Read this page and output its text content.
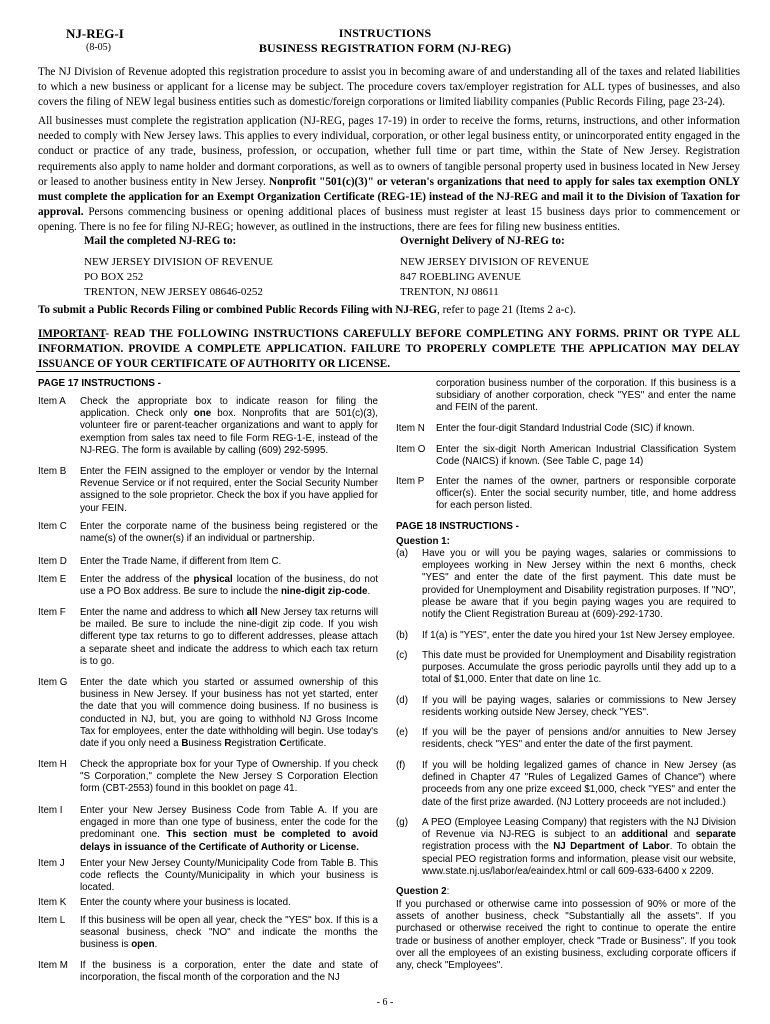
NJ-REG-I
(8-05)
INSTRUCTIONS
BUSINESS REGISTRATION FORM (NJ-REG)
The NJ Division of Revenue adopted this registration procedure to assist you in becoming aware of and understanding all of the taxes and related liabilities to which a new business or applicant for a license may be subject. The procedure covers tax/employer registration for ALL types of businesses, and also covers the filing of NEW legal business entities such as domestic/foreign corporations or limited liability companies (Public Records Filing, page 23-24).
All businesses must complete the registration application (NJ-REG, pages 17-19) in order to receive the forms, returns, instructions, and other information needed to comply with New Jersey laws. This applies to every individual, corporation, or other legal business entity, or unincorporated entity engaged in the conduct or practice of any trade, business, profession, or occupation, whether full time or part time, within the State of New Jersey. Registration requirements also apply to name holder and dormant corporations, as well as to owners of tangible personal property used in business located in New Jersey or leased to another business entity in New Jersey. Nonprofit "501(c)(3)" or veteran's organizations that need to apply for sales tax exemption ONLY must complete the application for an Exempt Organization Certificate (REG-1E) instead of the NJ-REG and mail it to the Division of Taxation for approval. Persons commencing business or opening additional places of business must register at least 15 business days prior to commencement or opening. There is no fee for filing NJ-REG; however, as outlined in the instructions, there are fees for filing new business entities.
Mail the completed NJ-REG to:
NEW JERSEY DIVISION OF REVENUE
PO BOX 252
TRENTON, NEW JERSEY 08646-0252
Overnight Delivery of NJ-REG to:
NEW JERSEY DIVISION OF REVENUE
847 ROEBLING AVENUE
TRENTON, NJ 08611
To submit a Public Records Filing or combined Public Records Filing with NJ-REG, refer to page 21 (Items 2 a-c).
IMPORTANT- READ THE FOLLOWING INSTRUCTIONS CAREFULLY BEFORE COMPLETING ANY FORMS. PRINT OR TYPE ALL INFORMATION. PROVIDE A COMPLETE APPLICATION. FAILURE TO PROPERLY COMPLETE THE APPLICATION MAY DELAY ISSUANCE OF YOUR CERTIFICATE OF AUTHORITY OR LICENSE.
PAGE 17 INSTRUCTIONS -
Item A	Check the appropriate box to indicate reason for filing the application. Check only one box. Nonprofits that are 501(c)(3), volunteer fire or parent-teacher organizations and want to apply for exemption from sales tax need to file Form REG-1-E, instead of the NJ-REG. The form is available by calling (609) 292-5995.
Item B	Enter the FEIN assigned to the employer or vendor by the Internal Revenue Service or if not required, enter the Social Security Number assigned to the sole proprietor. Check the box if you have applied for your FEIN.
Item C	Enter the corporate name of the business being registered or the name(s) of the owner(s) if an individual or partnership.
Item D	Enter the Trade Name, if different from Item C.
Item E	Enter the address of the physical location of the business, do not use a PO Box address. Be sure to include the nine-digit zip-code.
Item F	Enter the name and address to which all New Jersey tax returns will be mailed. Be sure to include the nine-digit zip code. If you wish different type tax returns to go to different addresses, please attach a separate sheet and indicate the address to which each tax return is to go.
Item G	Enter the date which you started or assumed ownership of this business in New Jersey. If your business has not yet started, enter the date that you will commence doing business. If no business is conducted in NJ, but, you are going to withhold NJ Gross Income Tax for employees, enter the date withholding will begin. Use today's date if you only need a Business Registration Certificate.
Item H	Check the appropriate box for your Type of Ownership. If you check "S Corporation," complete the New Jersey S Corporation Election form (CBT-2553) found in this booklet on page 41.
Item I	Enter your New Jersey Business Code from Table A. If you are engaged in more than one type of business, enter the code for the predominant one. This section must be completed to avoid delays in issuance of the Certificate of Authority or License.
Item J	Enter your New Jersey County/Municipality Code from Table B. This code reflects the County/Municipality in which your business is located.
Item K	Enter the county where your business is located.
Item L	If this business will be open all year, check the "YES" box. If this is a seasonal business, check "NO" and indicate the months the business is open.
Item M	If the business is a corporation, enter the date and state of incorporation, the fiscal month of the corporation and the NJ
corporation business number of the corporation. If this business is a subsidiary of another corporation, check "YES" and enter the name and FEIN of the parent.
Item N	Enter the four-digit Standard Industrial Code (SIC) if known.
Item O	Enter the six-digit North American Industrial Classification System Code (NAICS) if known. (See Table C, page 14)
Item P	Enter the names of the owner, partners or responsible corporate officer(s). Enter the social security number, title, and home address for each person listed.
PAGE 18 INSTRUCTIONS -
Question 1:
(a)	Have you or will you be paying wages, salaries or commissions to employees working in New Jersey within the next 6 months, check "YES" and enter the date of the first payment. This date must be provided for Unemployment and Disability registration purposes. If "NO", please be aware that if you begin paying wages you are required to notify the Client Registration Bureau at (609)-292-1730.
(b)	If 1(a) is "YES", enter the date you hired your 1st New Jersey employee.
(c)	This date must be provided for Unemployment and Disability registration purposes. Accumulate the gross periodic payrolls until they add up to a total of $1,000. Enter that date on line 1c.
(d)	If you will be paying wages, salaries or commissions to New Jersey residents working outside New Jersey, check "YES".
(e)	If you will be the payer of pensions and/or annuities to New Jersey residents, check "YES" and enter the date of the first payment.
(f)	If you will be holding legalized games of chance in New Jersey (as defined in Chapter 47 "Rules of Legalized Games of Chance") where proceeds from any one prize exceed $1,000, check "YES" and enter the date of the first prize awarded. (NJ Lottery proceeds are not included.)
(g)	A PEO (Employee Leasing Company) that registers with the NJ Division of Revenue via NJ-REG is subject to an additional and separate registration process with the NJ Department of Labor. To obtain the special PEO registration forms and information, please visit our website, www.state.nj.us/labor/ea/eaindex.html or call 609-633-6400 x 2209.
Question 2:
If you purchased or otherwise came into possession of 90% or more of the assets of another business, check "Substantially all the assets". If you purchased or otherwise received the right to continue to operate the entire trade or business of another employer, check "Trade or Business". If you took over all the employees of an existing business, excluding corporate officers if any, check "Employees".
- 6 -
